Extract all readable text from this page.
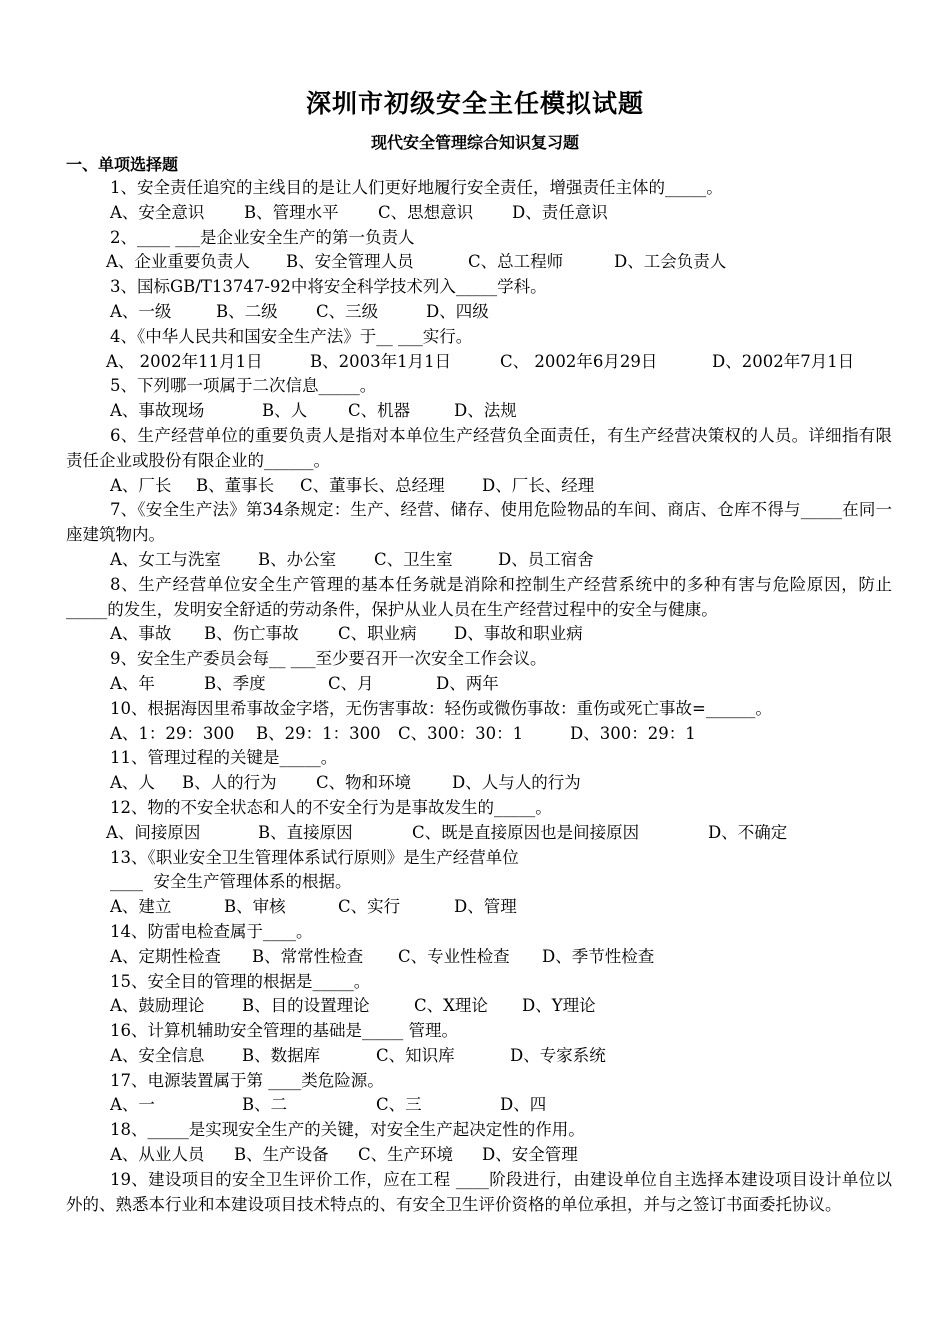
深圳市初级安全主任模拟试题
现代安全管理综合知识复习题
一、单项选择题

1、安全责任追究的主线目的是让人们更好地履行安全责任，增强责任主体的_____。

A、安全意识 B、管理水平 C、思想意识 D、责任意识

2、____ ___是企业安全生产的第一负责人

A、企业重要负责人 B、安全管理人员	C、总工程师	D、工会负责人

3、国标GB/T13747-92中将安全科学技术列入_____学科。

A、一级	B、二级 C、三级	D、四级

4、《中华人民共和国安全生产法》于__ ___实行。

A、 2002年11月1日	B、2003年1月1日	C、 2002年6月29日	D、2002年7月1日

5、下列哪一项属于二次信息_____。

A、事故现场	B、人 C、机器	D、法规

6、生产经营单位的重要负责人是指对本单位生产经营负全面责任，有生产经营决策权的人员。详细指有限责任企业或股份有限企业的______。

A、厂长 B、董事长 C、董事长、总经理 D、厂长、经理

7、《安全生产法》第34条规定：生产、经营、储存、使用危险物品的车间、商店、仓库不得与_____在同一座建筑物内。

A、女工与洗室 B、办公室 C、卫生室	D、员工宿舍

8、生产经营单位安全生产管理的基本任务就是消除和控制生产经营系统中的多种有害与危险原因，防止_____的发生，发明安全舒适的劳动条件，保护从业人员在生产经营过程中的安全与健康。

A、事故 B、伤亡事故 C、职业病 D、事故和职业病

9、安全生产委员会每__ ___至少要召开一次安全工作会议。

A、年	B、季度	C、月	D、两年

10、根据海因里希事故金字塔，无伤害事故：轻伤或微伤事故：重伤或死亡事故=______。

A、1：29：300 B、29：1：300 C、300：30：1	D、300：29：1

11、管理过程的关键是_____。

A、人 B、人的行为 C、物和环境 D、人与人的行为

12、物的不安全状态和人的不安全行为是事故发生的_____。

A、间接原因	B、直接原因	C、既是直接原因也是间接原因	D、不确定

13、《职业安全卫生管理体系试行原则》是生产经营单位

____  安全生产管理体系的根据。

A、建立	B、审核	C、实行	D、管理

14、防雷电检查属于____。

A、定期性检查 B、常常性检查 C、专业性检查 D、季节性检查

15、安全目的管理的根据是_____。

A、鼓励理论 B、目的设置理论	C、X理论 D、Y理论

16、计算机辅助安全管理的基础是_____ 管理。

A、安全信息 B、数据库	C、知识库	D、专家系统

17、电源装置属于第 ____类危险源。

A、一	B、二	C、三	D、四

18、_____是实现安全生产的关键，对安全生产起决定性的作用。

A、从业人员 B、生产设备 C、生产环境 D、安全管理

19、建设项目的安全卫生评价工作，应在工程 ____阶段进行，由建设单位自主选择本建设项目设计单位以外的、熟悉本行业和本建设项目技术特点的、有安全卫生评价资格的单位承担，并与之签订书面委托协议。
